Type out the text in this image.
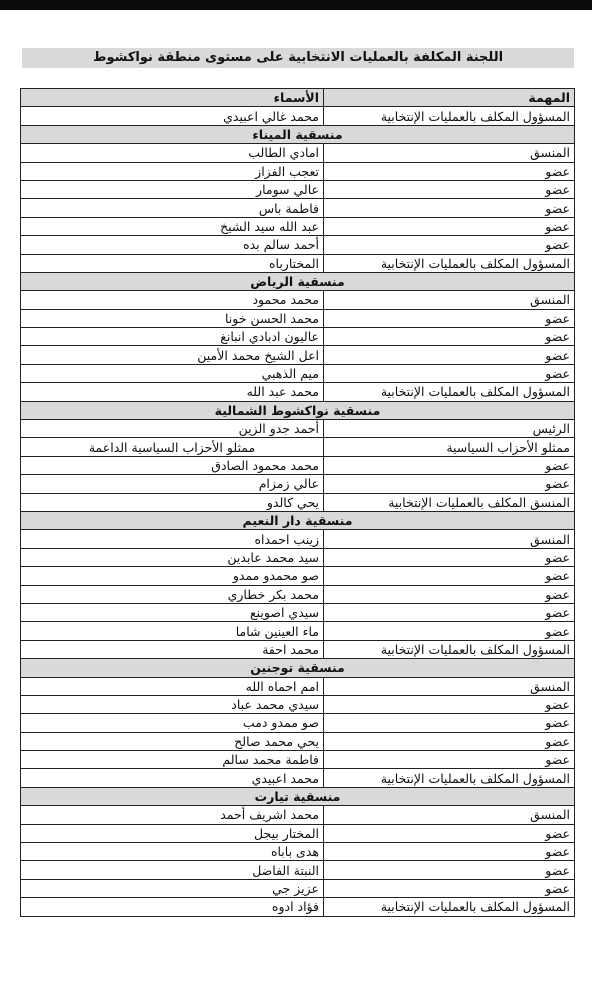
اللجنة المكلفة بالعمليات الانتخابية على مستوى منطقة نواكشوط
المهمة	الأسماء
المسؤول المكلف بالعمليات الإنتخابية	محمد غالي اعبيدي
منسقية الميناء	
المنسق	امادي الطالب
عضو	تعجب الفزاز
عضو	عالي سومار
عضو	فاطمة باس
عضو	عبد الله سيد الشيخ
عضو	أحمد سالم بده
المسؤول المكلف بالعمليات الإنتخابية	المختارباه
منسقية الرياض	
المنسق	محمد محمود
عضو	محمد الحسن خونا
عضو	عاليون ادبادي انبانغ
عضو	اعل الشيخ محمد الأمين
عضو	ميم الذهبي
المسؤول المكلف بالعمليات الإنتخابية	محمد عبد الله
منسقية نواكشوط الشمالية	
الرئيس	أحمد جدو الزين
ممثلو الأحزاب السياسية	ممثلو الأحزاب السياسية الداعمة
عضو	محمد محمود الصادق
عضو	عالي زمزام
المنسق المكلف بالعمليات الإنتخابية	يحي كالدو
منسقية دار النعيم	
المنسق	زينب احمداه
عضو	سيد محمد عابدين
عضو	صو محمدو ممدو
عضو	محمد بكر خطاري
عضو	سيدي اصوينع
عضو	ماء العينين شاما
المسؤول المكلف بالعمليات الإنتخابية	محمد احفة
منسقية توجنين	
المنسق	امم احماه الله
عضو	سيدي محمد عباد
عضو	صو ممدو دمب
عضو	يحي محمد صالح
عضو	فاطمة محمد سالم
المسؤول المكلف بالعمليات الإنتخابية	محمد اعبيدي
منسقية تيارت	
المنسق	محمد اشريف أحمد
عضو	المختار بيجل
عضو	هدى باباه
عضو	النبتة الفاضل
عضو	عزيز جي
المسؤول المكلف بالعمليات الإنتخابية	فؤاد ادوه
